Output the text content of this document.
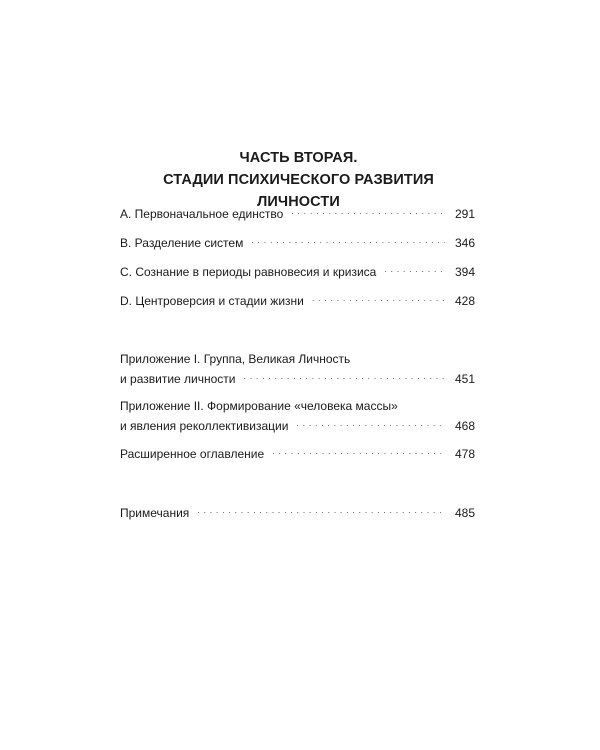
ЧАСТЬ ВТОРАЯ.
СТАДИИ ПСИХИЧЕСКОГО РАЗВИТИЯ ЛИЧНОСТИ
A. Первоначальное единство . . .	291
B. Разделение систем . . .	346
C. Сознание в периоды равновесия и кризиса . . .	394
D. Центроверсия и стадии жизни . . .	428
Приложение I. Группа, Великая Личность
и развитие личности . . .	451
Приложение II. Формирование «человека массы»
и явления реколлективизации . . .	468
Расширенное оглавление . . .	478
Примечания . . .	485
